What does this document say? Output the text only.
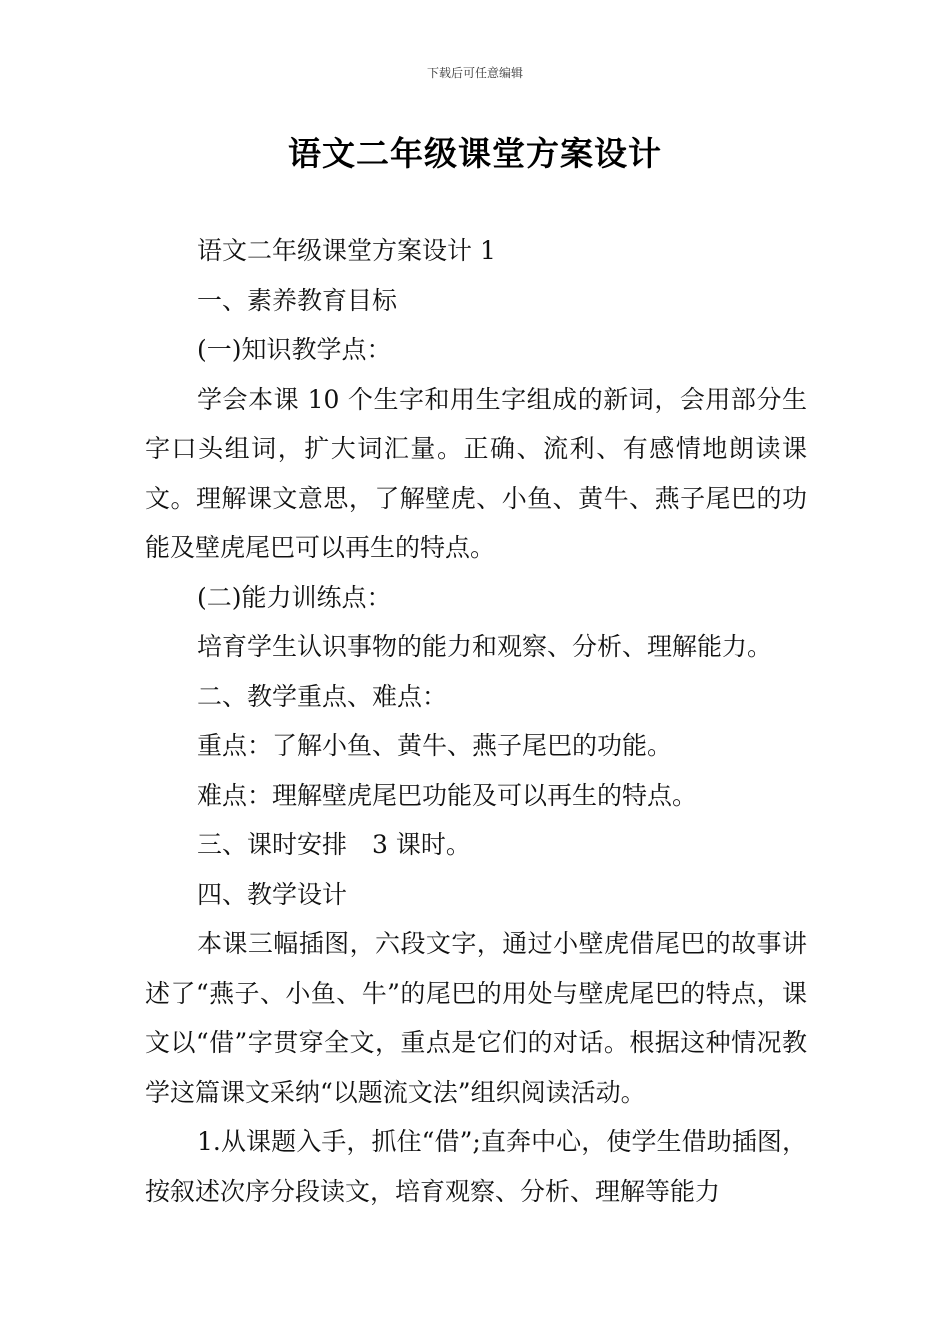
下载后可任意编辑
语文二年级课堂方案设计

语文二年级课堂方案设计 1

一、素养教育目标

(一)知识教学点：

学会本课 10 个生字和用生字组成的新词，会用部分生字口头组词，扩大词汇量。正确、流利、有感情地朗读课文。理解课文意思，了解壁虎、小鱼、黄牛、燕子尾巴的功能及壁虎尾巴可以再生的特点。

(二)能力训练点：

培育学生认识事物的能力和观察、分析、理解能力。

二、教学重点、难点：

重点：了解小鱼、黄牛、燕子尾巴的功能。

难点：理解壁虎尾巴功能及可以再生的特点。

三、课时安排　3 课时。

四、教学设计

本课三幅插图，六段文字，通过小壁虎借尾巴的故事讲述了“燕子、小鱼、牛”的尾巴的用处与壁虎尾巴的特点，课文以“借”字贯穿全文，重点是它们的对话。根据这种情况教学这篇课文采纳“以题流文法”组织阅读活动。

1.从课题入手，抓住“借”;直奔中心，使学生借助插图，按叙述次序分段读文，培育观察、分析、理解等能力
